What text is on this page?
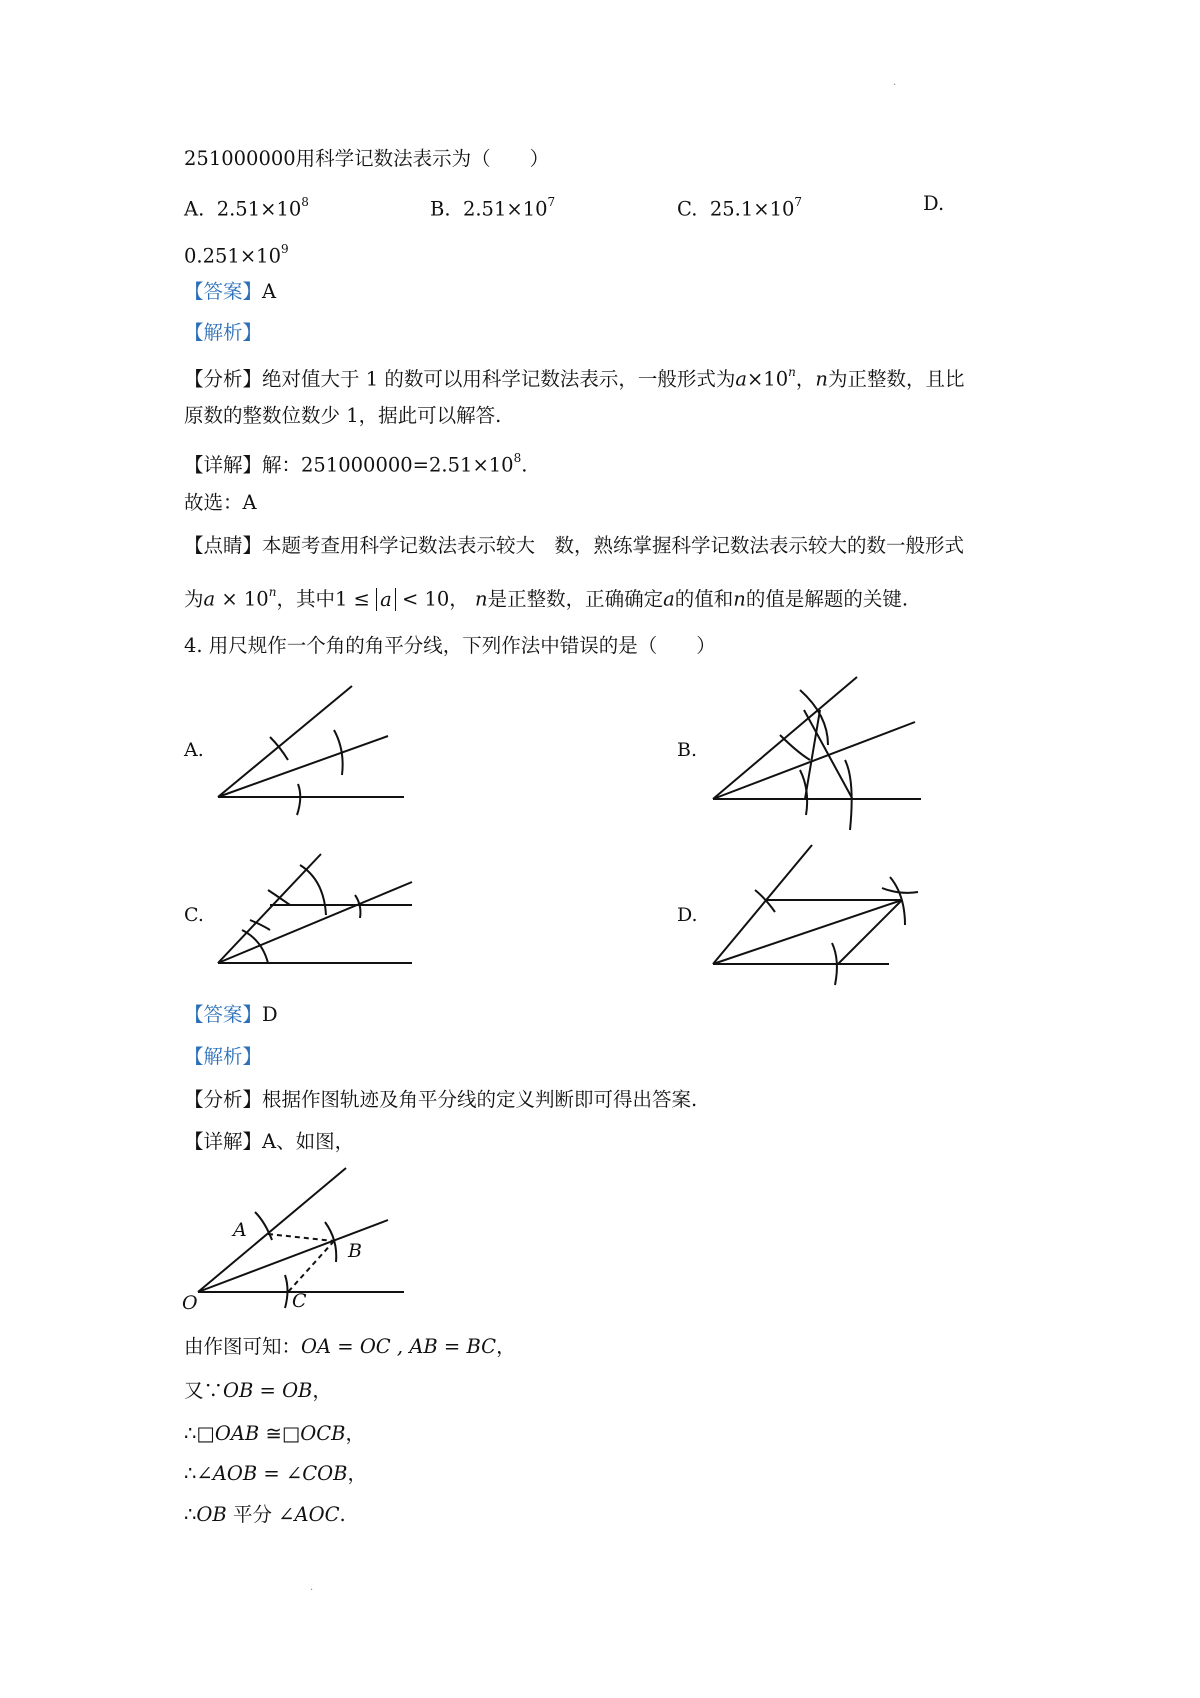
·
251000000用科学记数法表示为（　　）
A. $2.51\times 10^8$	B. $2.51\times 10^7$	C. $25.1\times 10^7$	D.
$0.251\times 10^9$
【答案】A
【解析】
【分析】绝对值大于 1 的数可以用科学记数法表示，一般形式为$a\times 10^n$，n为正整数，且比
原数的整数位数少 1，据此可以解答.
【详解】解：$251000000=2.51\times 10^8$.
故选：A
【点睛】本题考查用科学记数法表示较大　数，熟练掌握科学记数法表示较大的数一般形式
为$a \times 10^n$，其中1 ≤ a < 10， n是正整数，正确确定a的值和n的值是解题的关键.
4. 用尺规作一个角的角平分线，下列作法中错误的是（　　）
A.	B.
C.	D.
【答案】D
【解析】
【分析】根据作图轨迹及角平分线的定义判断即可得出答案.
【详解】A、如图，
A
B
O	C
由作图可知：OA = OC , AB = BC，
又∵OB = OB，
∴□OAB ≅□OCB，
∴∠AOB = ∠COB，
∴OB 平分 ∠AOC.
·
